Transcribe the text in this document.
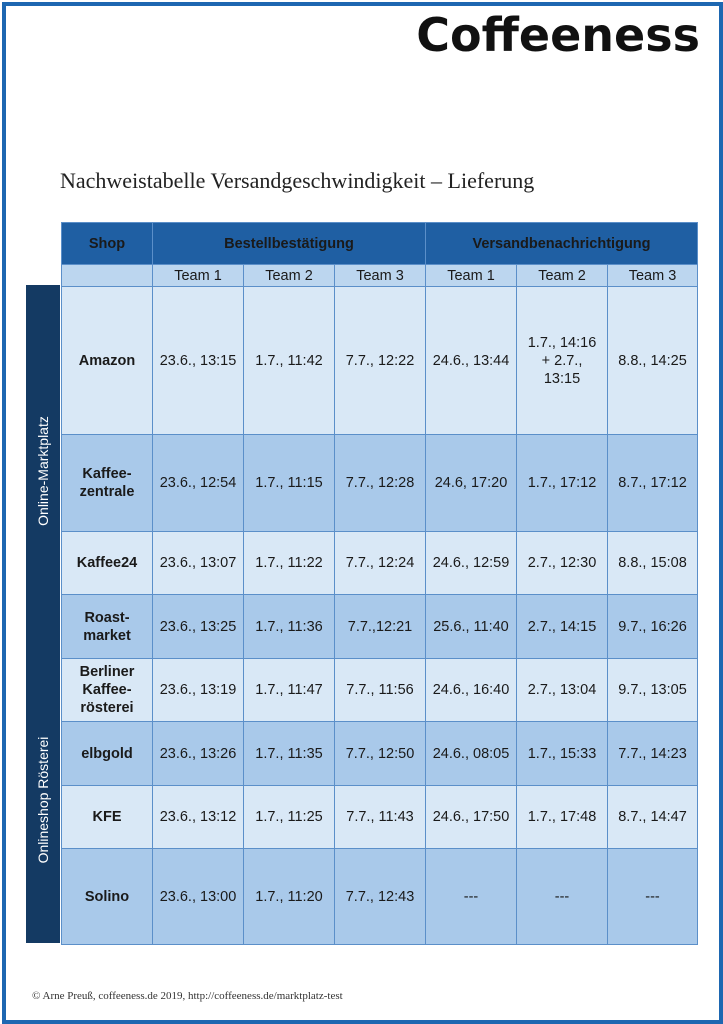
Coffeeness
Nachweistabelle Versandgeschwindigkeit – Lieferung
Online-Marktplatz
Onlineshop Rösterei
Shop	Bestellbestätigung			Versandbenachrichtigung		
	Team 1	Team 2	Team 3	Team 1	Team 2	Team 3
Amazon	23.6., 13:15	1.7., 11:42	7.7., 12:22	24.6., 13:44	1.7., 14:16
+ 2.7.,
13:15	8.8., 14:25

Kaffee-
zentrale	23.6., 12:54	1.7., 11:15	7.7., 12:28	24.6, 17:20	1.7., 17:12	8.7., 17:12
Kaffee24	23.6., 13:07	1.7., 11:22	7.7., 12:24	24.6., 12:59	2.7., 12:30	8.8., 15:08

Roast-
market	23.6., 13:25	1.7., 11:36	7.7.,12:21	25.6., 11:40	2.7., 14:15	9.7., 16:26

Berliner
Kaffee-
rösterei	23.6., 13:19	1.7., 11:47	7.7., 11:56	24.6., 16:40	2.7., 13:04	9.7., 13:05
elbgold	23.6., 13:26	1.7., 11:35	7.7., 12:50	24.6., 08:05	1.7., 15:33	7.7., 14:23
KFE	23.6., 13:12	1.7., 11:25	7.7., 11:43	24.6., 17:50	1.7., 17:48	8.7., 14:47
Solino	23.6., 13:00	1.7., 11:20	7.7., 12:43	---	---	---
© Arne Preuß, coffeeness.de 2019, http://coffeeness.de/marktplatz-test
